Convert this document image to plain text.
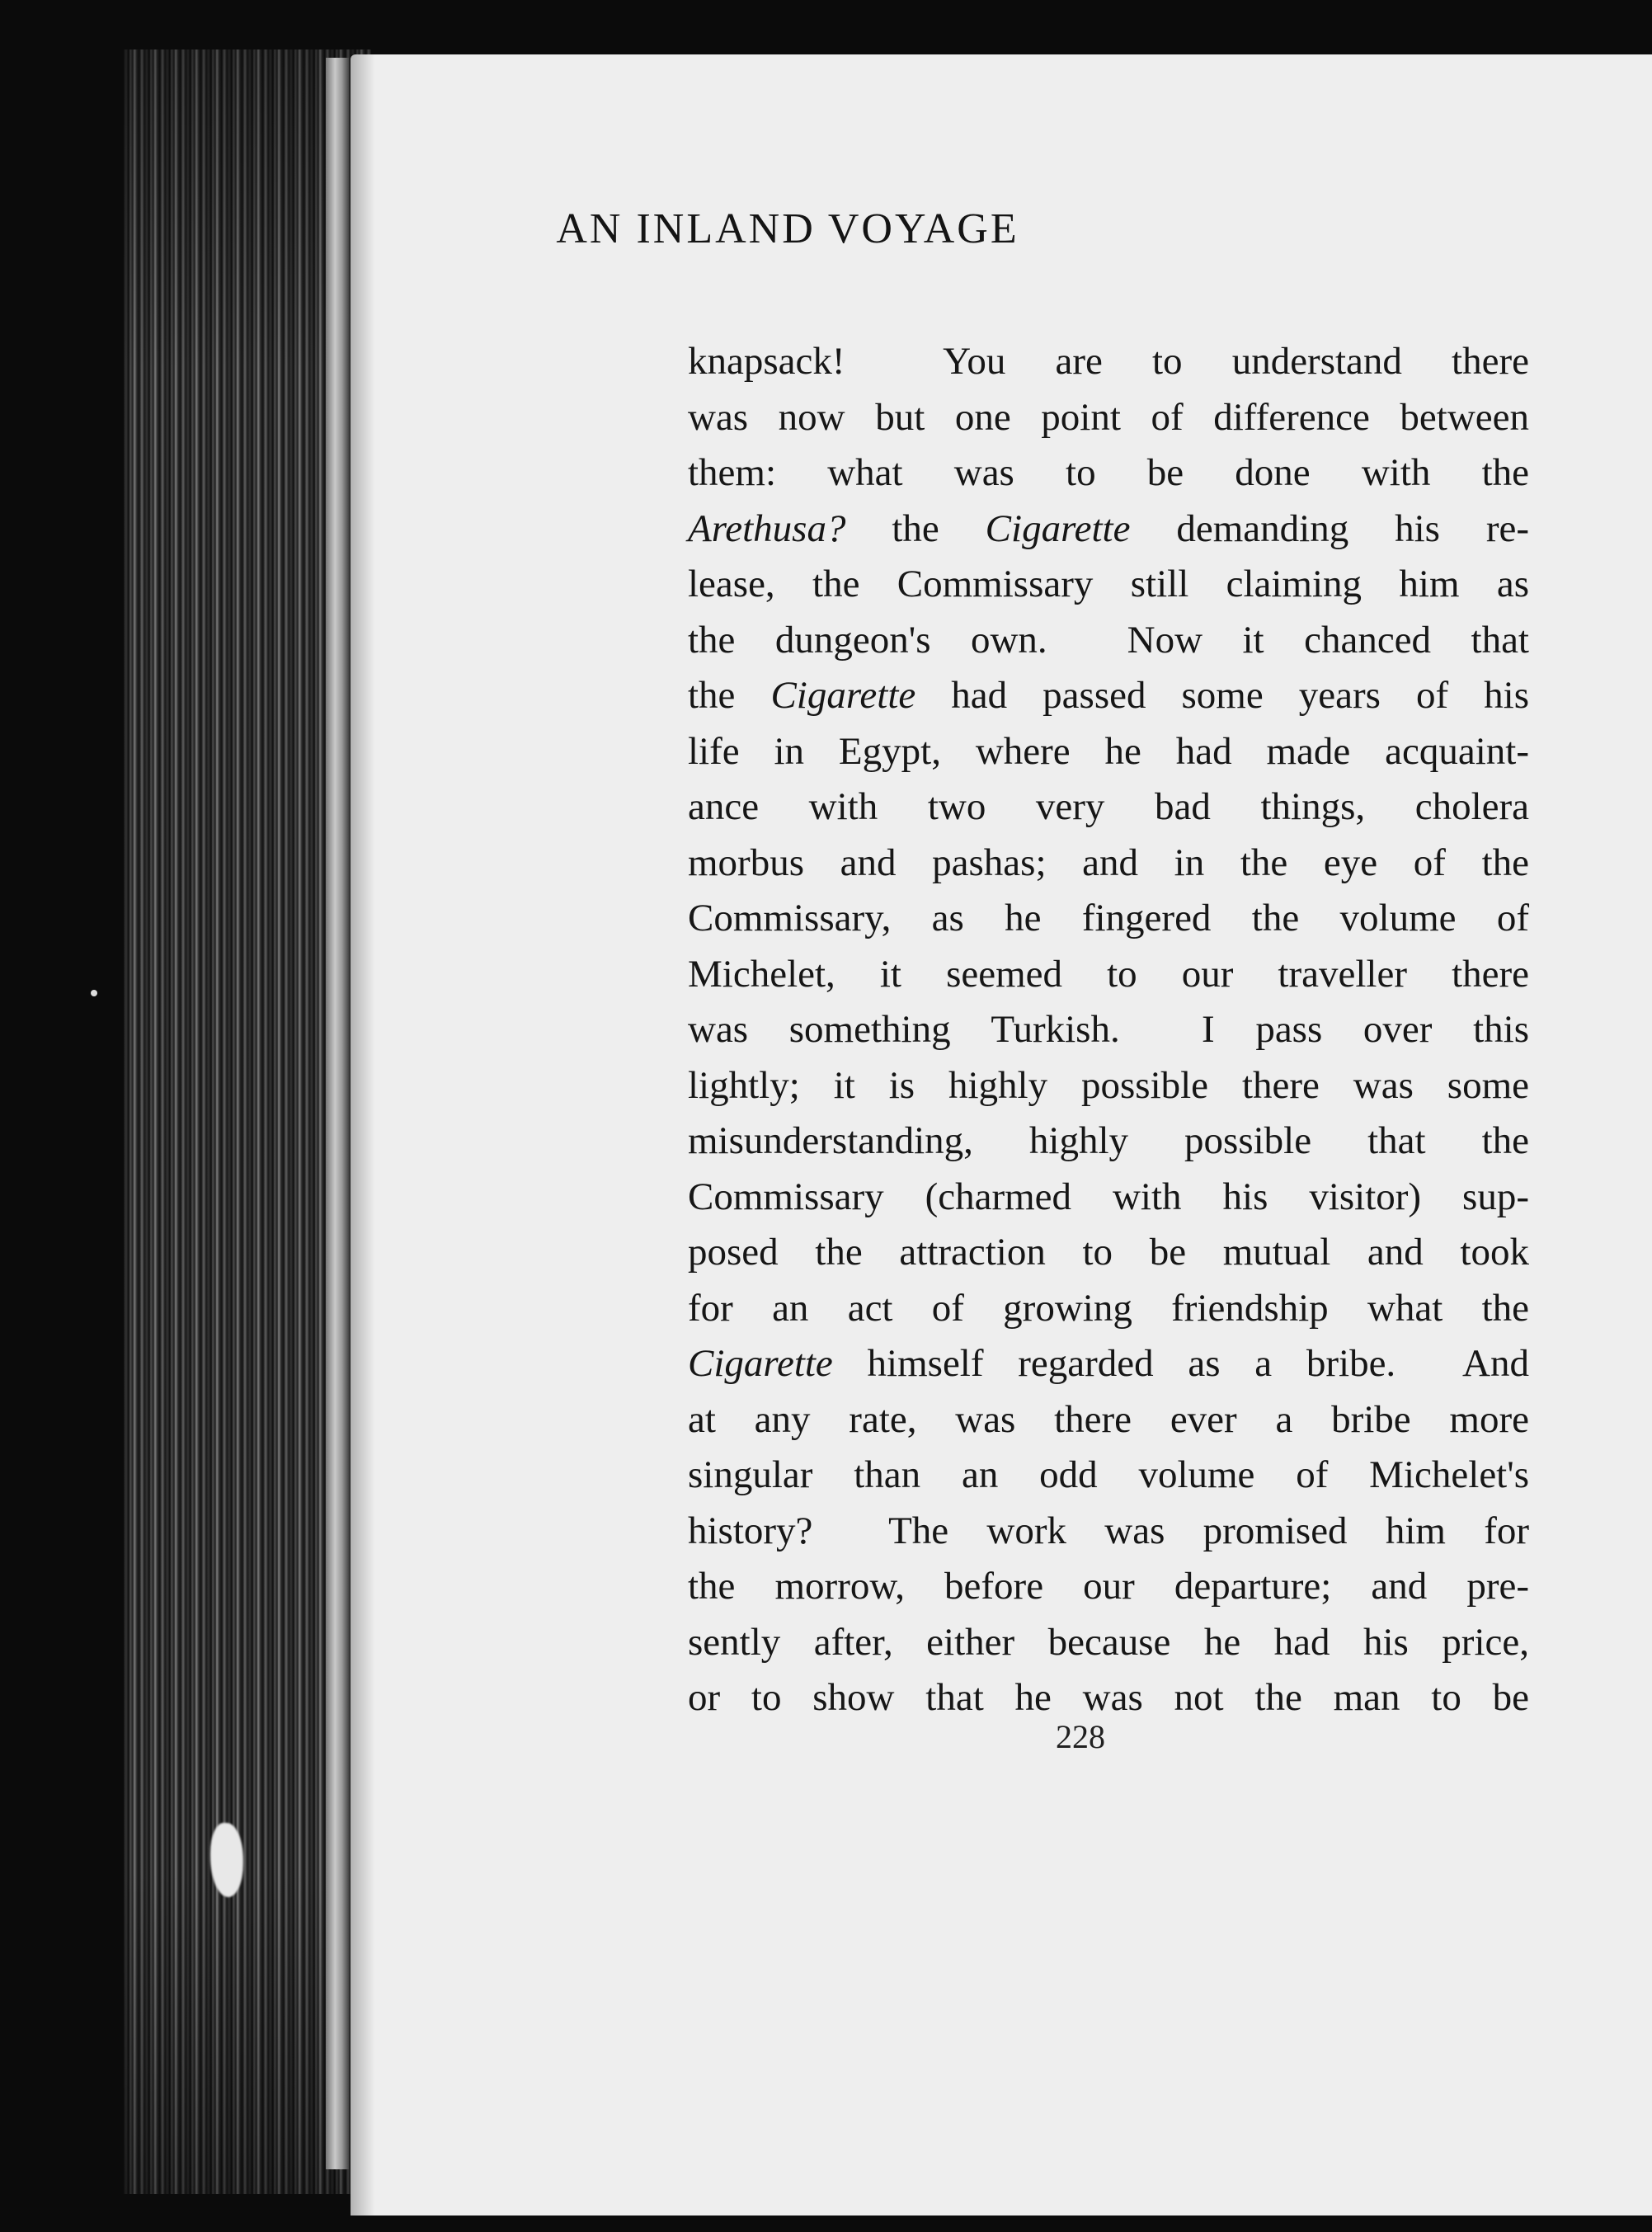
AN INLAND VOYAGE
knapsack!  You are to understand there
was now but one point of difference between
them:  what  was  to  be  done  with  the
Arethusa? the Cigarette demanding his re-
lease, the Commissary still claiming him as
the dungeon's own.  Now it chanced that
the Cigarette had passed some years of his
life in Egypt, where he had made acquaint-
ance with two very bad things, cholera
morbus and pashas; and in the eye of the
Commissary, as he fingered the volume of
Michelet, it seemed to our traveller there
was something Turkish.  I pass over this
lightly; it is highly possible there was some
misunderstanding, highly possible that the
Commissary (charmed with his visitor) sup-
posed the attraction to be mutual and took
for an act of growing friendship what the
Cigarette himself regarded as a bribe.  And
at any rate, was there ever a bribe more
singular than an odd volume of Michelet's
history?  The work was promised him for
the morrow, before our departure; and pre-
sently after, either because he had his price,
or to show that he was not the man to be
228
